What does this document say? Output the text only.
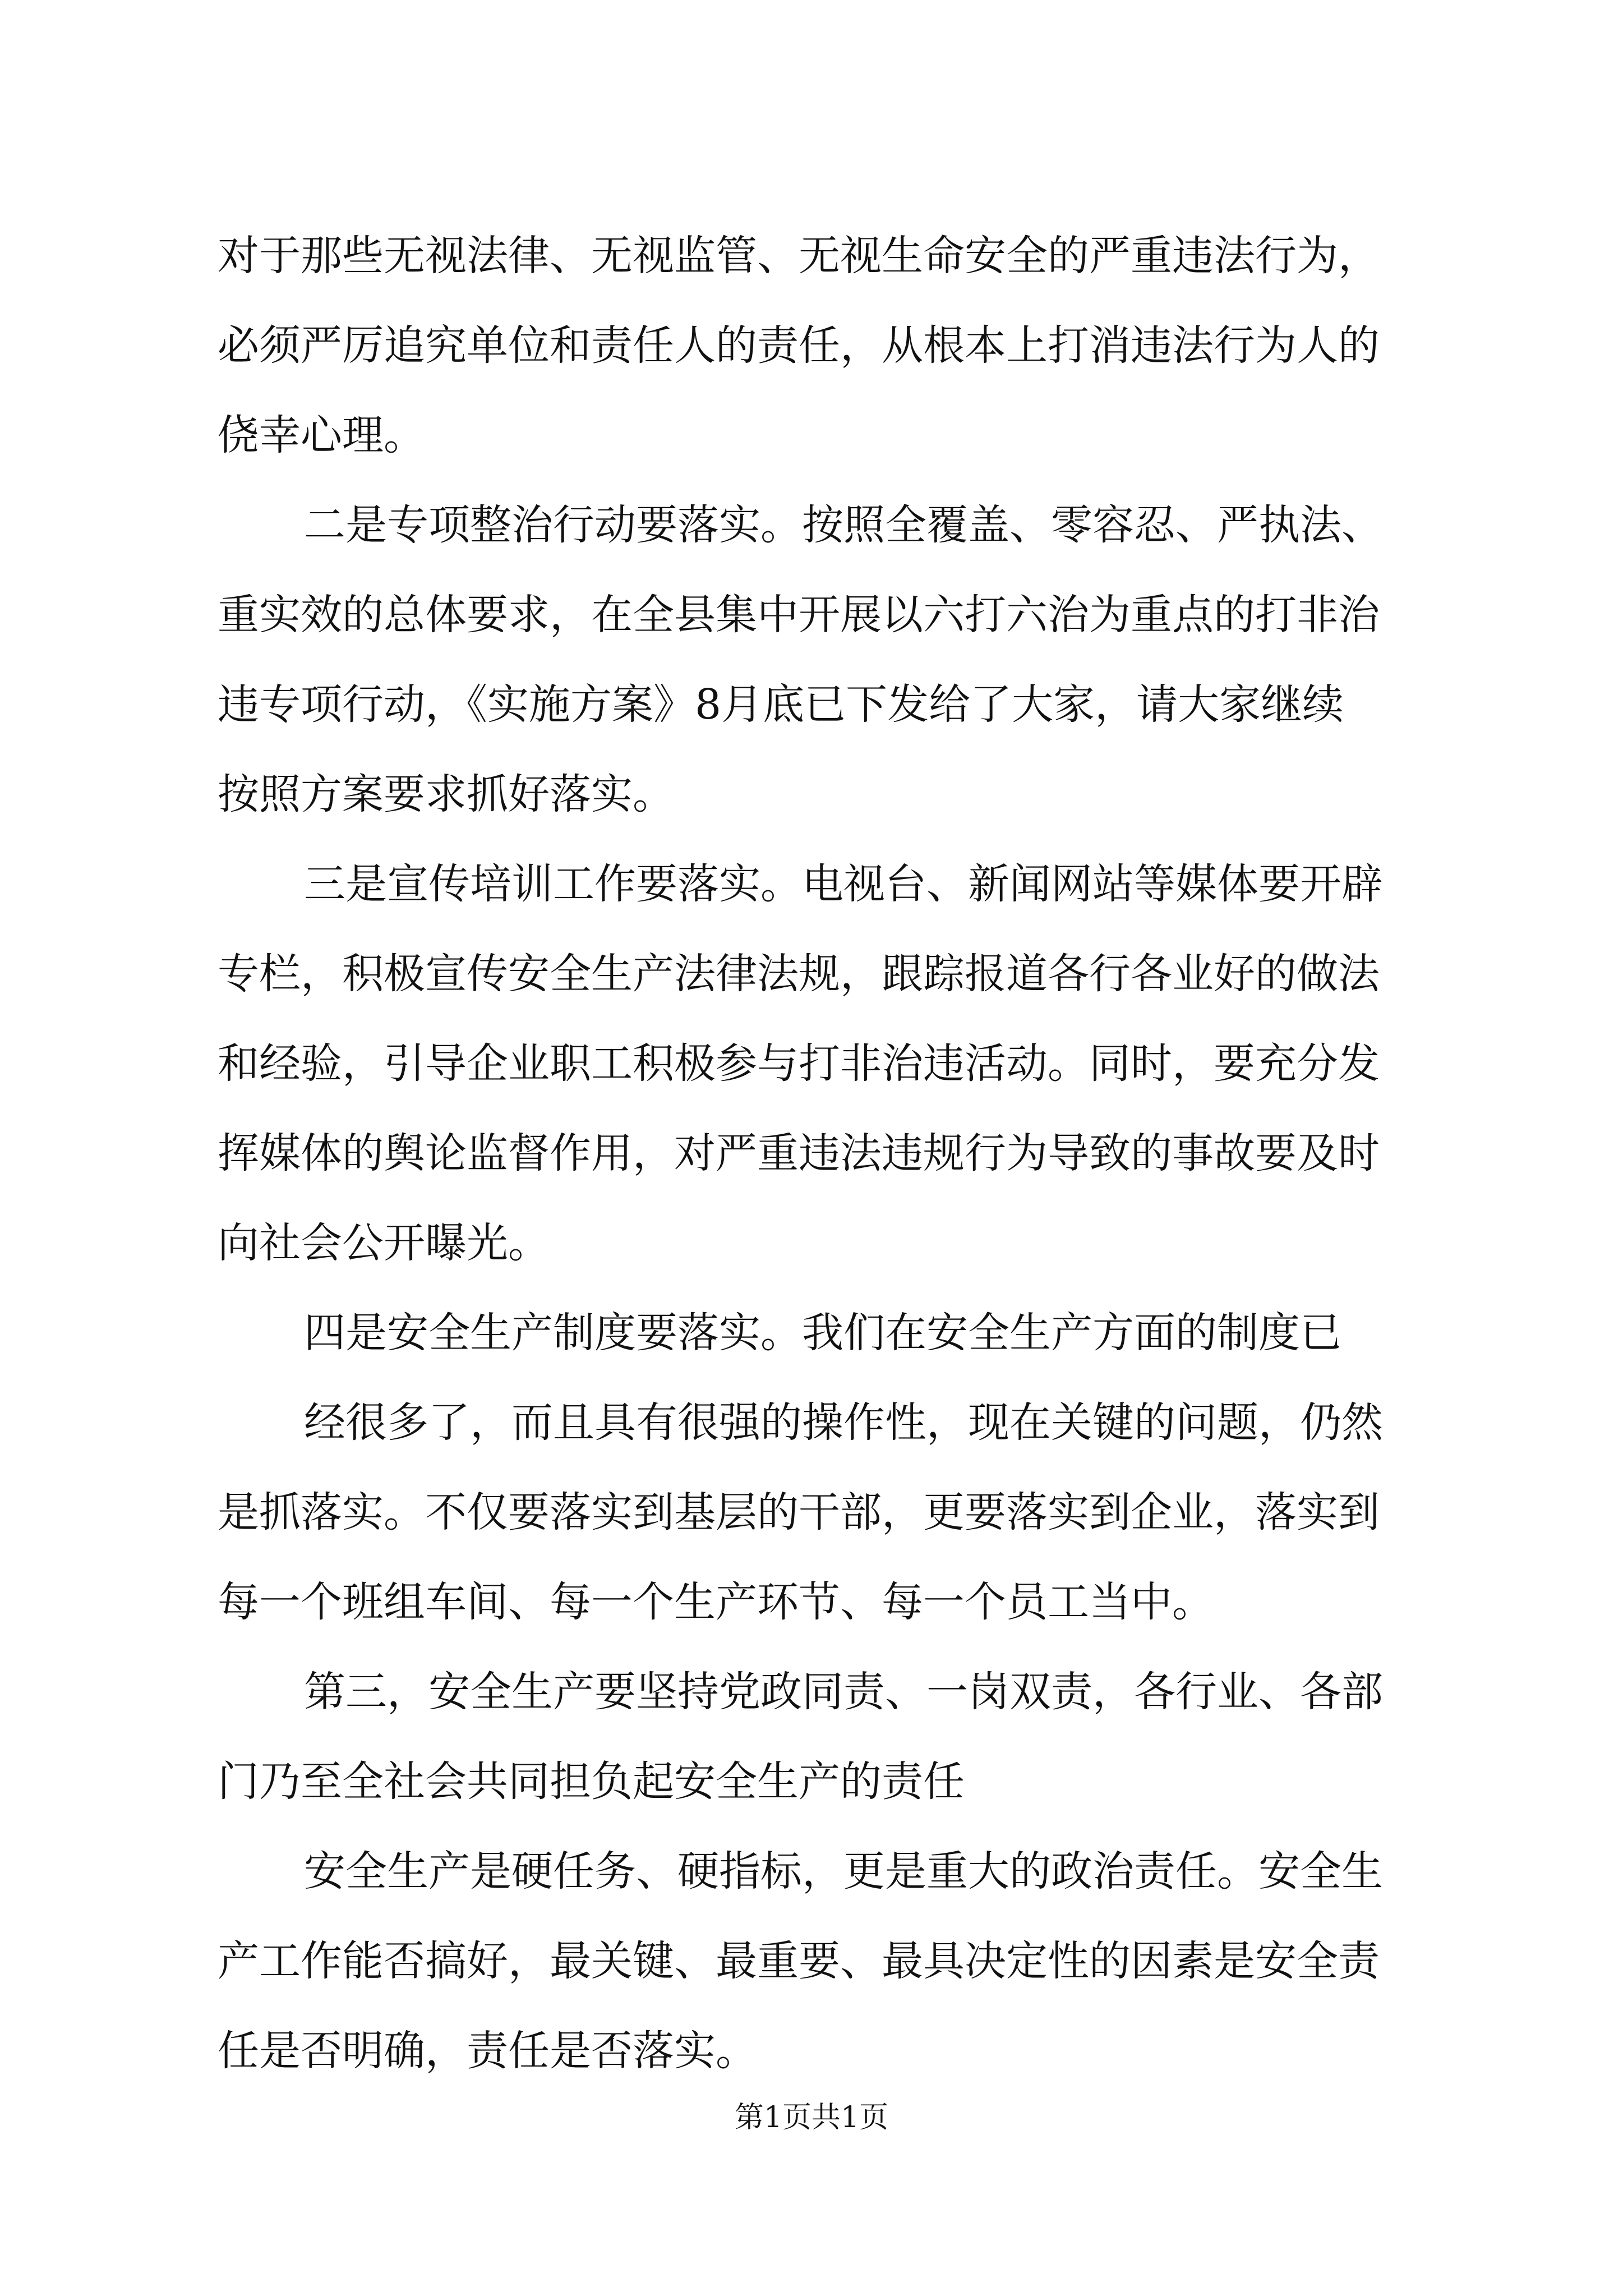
对于那些无视法律、无视监管、无视生命安全的严重违法行为，
必须严厉追究单位和责任人的责任，从根本上打消违法行为人的
侥幸心理。
二是专项整治行动要落实。按照全覆盖、零容忍、严执法、
重实效的总体要求，在全县集中开展以六打六治为重点的打非治
违专项行动，《实施方案》8月底已下发给了大家，请大家继续
按照方案要求抓好落实。
三是宣传培训工作要落实。电视台、新闻网站等媒体要开辟
专栏，积极宣传安全生产法律法规，跟踪报道各行各业好的做法
和经验，引导企业职工积极参与打非治违活动。同时，要充分发
挥媒体的舆论监督作用，对严重违法违规行为导致的事故要及时
向社会公开曝光。
四是安全生产制度要落实。我们在安全生产方面的制度已
经很多了，而且具有很强的操作性，现在关键的问题，仍然
是抓落实。不仅要落实到基层的干部，更要落实到企业，落实到
每一个班组车间、每一个生产环节、每一个员工当中。
第三，安全生产要坚持党政同责、一岗双责，各行业、各部
门乃至全社会共同担负起安全生产的责任
安全生产是硬任务、硬指标，更是重大的政治责任。安全生
产工作能否搞好，最关键、最重要、最具决定性的因素是安全责
任是否明确，责任是否落实。
第1页共1页
